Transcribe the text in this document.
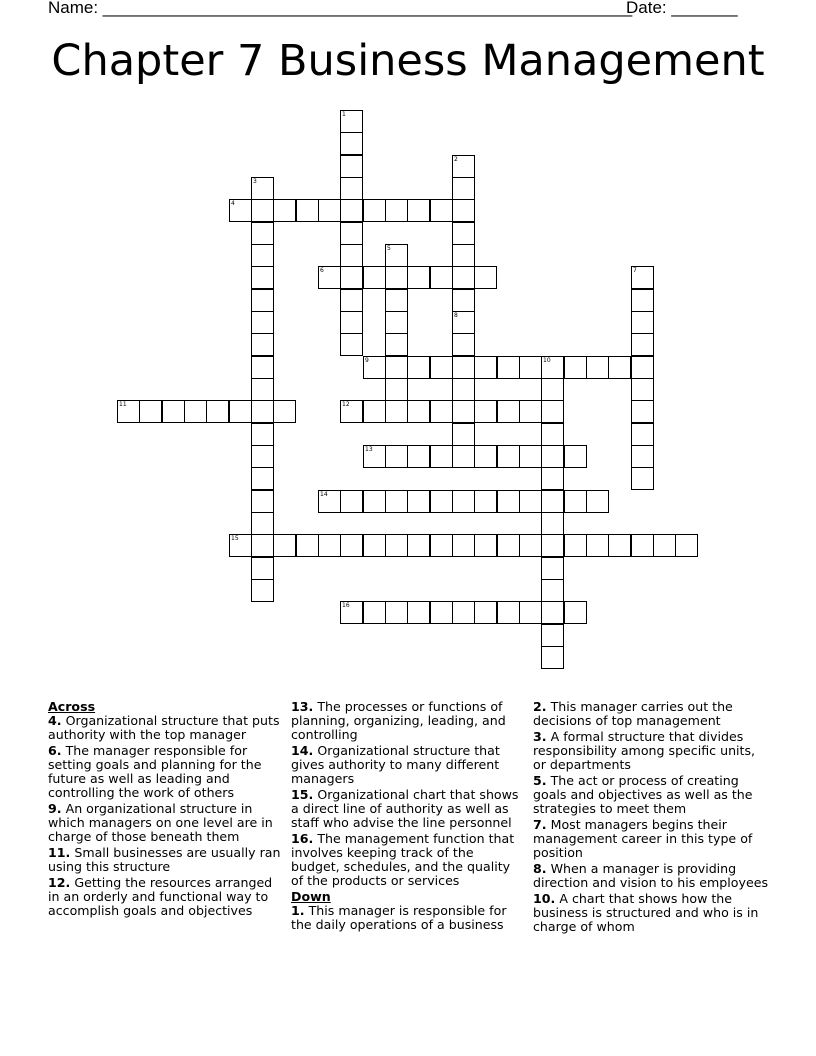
Name: ________________________________________________________
Date: _______
Chapter 7 Business Management
1
2
8
3
4
5
6	7
9	10
11	12
13
14
15
16
Across

4. Organizational structure that puts authority with the top manager

6. The manager responsible for setting goals and planning for the future as well as leading and controlling the work of others

9. An organizational structure in which managers on one level are in charge of those beneath them

11. Small businesses are usually ran using this structure

12. Getting the resources arranged in an orderly and functional way to accomplish goals and objectives

13. The processes or functions of planning, organizing, leading, and controlling

14. Organizational structure that gives authority to many different managers

15. Organizational chart that shows a direct line of authority as well as staff who advise the line personnel

16. The management function that involves keeping track of the budget, schedules, and the quality of the products or services

Down

1. This manager is responsible for the daily operations of a business

2. This manager carries out the decisions of top management

3. A formal structure that divides responsibility among specific units, or departments

5. The act or process of creating goals and objectives as well as the strategies to meet them

7. Most managers begins their management career in this type of position

8. When a manager is providing direction and vision to his employees

10. A chart that shows how the business is structured and who is in charge of whom
